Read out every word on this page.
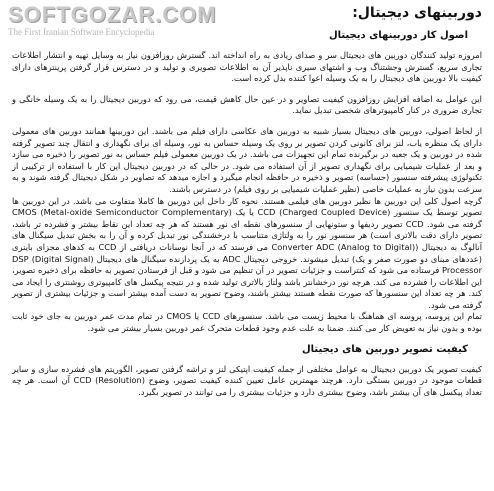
SOFTGOZAR.COM
The First Iranian Software Encyclopedia
دوربینهای دیجیتال:
اصول کار دوربینهای دیجیتال

امروزه تولید کنندگان دوربین های دیجیتال سر و صدای زیادی به راه انداخته اند. گسترش روزافزون نیاز به وسایل تهیه و انتشار اطلاعات تجاری سریع، گسترش وجشتناگ وب و اشتهای سیری ناپذیر آن به اطلاعات تصویری و تولید و در دسترس قرار گرفتن پرینترهای دارای کیفیت بالا دوربین های دیجیتال را به یک وسیله اعوا کننده بدل کرده است.

این عوامل به اضافه افزایش روزافزون کیفیت تصاویر و در عین حال کاهش قیمت، می رود که دوربین دیجیتال را به یک وسیله خانگی و تجاری ضروری در کنار کامپیوترهای شخصی تبدیل نماید.

از لحاظ اصولی، دوربین های دیجیتال بسیار شبیه به دوربین های عکاسی دارای فیلم می باشند. این دوربینها همانند دوربین های معمولی دارای یک منظره یاب، لنز برای کانونی کردن تصویر بر روی یک وسیله حساس به نور، وسیله ای برای نگهداری و انتقال چند تصویر گرفته شده در دوربین و یک جعبه در برگیرنده تمام این تجهیزات می باشد. در یک دوربین معمولی فیلم حساس به نور تصویر را ذخیره می سازد و بعد از عملیات شیمیایی برای نگهداری تصویر از آن استفاده می شود. در حالی که در دوربین دیجیتال این کار با استفاده از ترکیبی از تکنولوژی پیشرفته سنسور (حساسه) تصویر و ذخیره در حافظه انجام میگیرد و اجازه میدهد که تصاویر در شکل دیجیتال گرفته شوند و به سرعت بدون نیاز به عملیات خاصی (نظیر عملیات شیمیایی بر روی فیلم) در دسترس باشند.

گرچه اصول کلی این دوربین ها نظیر دوربین های فیلمی هستند. نحوه کار داخل این دوربین ها کاملا متفاوت می باشد. در این دوربین ها تصویر توسط یک سنسور CCD (Charged Coupled Device) یا یک CMOS (Metal-oxide Semiconductor Complementary) گرفته می شود. CCD تصویر ردیفها و ستونهایی از سنسورهای نقطه ای نور هستند که هر چه تعداد این نقاط بیشتر و فشرده تر باشد، تصویر دارای دقت بالاتری است) هر سنسور نور را به ولتاژی متناسب با درخشندگی نور تبدیل کرده و آن را به بخش تبدیل سیگنال های آنالوگ به دیجیتال (Converter ADC (Analog to Digital) می فرستد که در آنجا نوسانات دریافتی از CCD به کدهای مجزای باینری (عددهای مبنای دو صورت صفر و یک) تبدیل میشوند. خروجی دیجیتال ADC به یک پردازنده سیگنال های دیجیتال (DSP (Digital Signal Processor فرستاده می شود که کنتراست و جزئیات تصویر در آن تنظیم می شود و قبل از فرستادن تصویر به حافظه برای ذخیره تصویر، این اطلاعات را فشرده می کند. هرچه نور درخشانتر باشد ولتاژ بالاتری تولید شده و در نتیجه پیکسل های کامپیوتری روشنتری را ایجاد می کند. هر چه تعداد این سنسورها که صورت نقطه هستند بیشتر باشند، وضوح تصویر به دست آمده بیشتر است و جزئیات بیشتری از تصویر گرفته می شود.

تمام این پروسه، پروسه ای هماهنگ با محیط زیست می باشد. سنسورهای CCD یا CMOS در تمام مدت عمر دوربین به جای خود ثابت بوده و بدون نیاز به تعویض کار می کنند. ضمنا به علت عدم وجود قطعات متحرک عمر دوربین بسیار بیشتر می شود.

کیفیت تصویر دوربین های دیجیتال

کیفیت تصویر یک دوربین دیجیتال به عوامل مختلفی از جمله کیفیت اپتیکی لنز و تراشه گرفتن تصویر، الگوریتم های فشرده سازی و سایر قطعات موجود در دوربین بستگی دارد. هرچند مهمترین عامل تعیین کننده کیفیت تصویر، وضوح (Resolution) CCD آن است. هر چه تعداد پیکسل های آن بیشتر باشد، وضوح بیشتری دارد و جزئیات بیشتری را می توانند در تصویر بگیرد.
